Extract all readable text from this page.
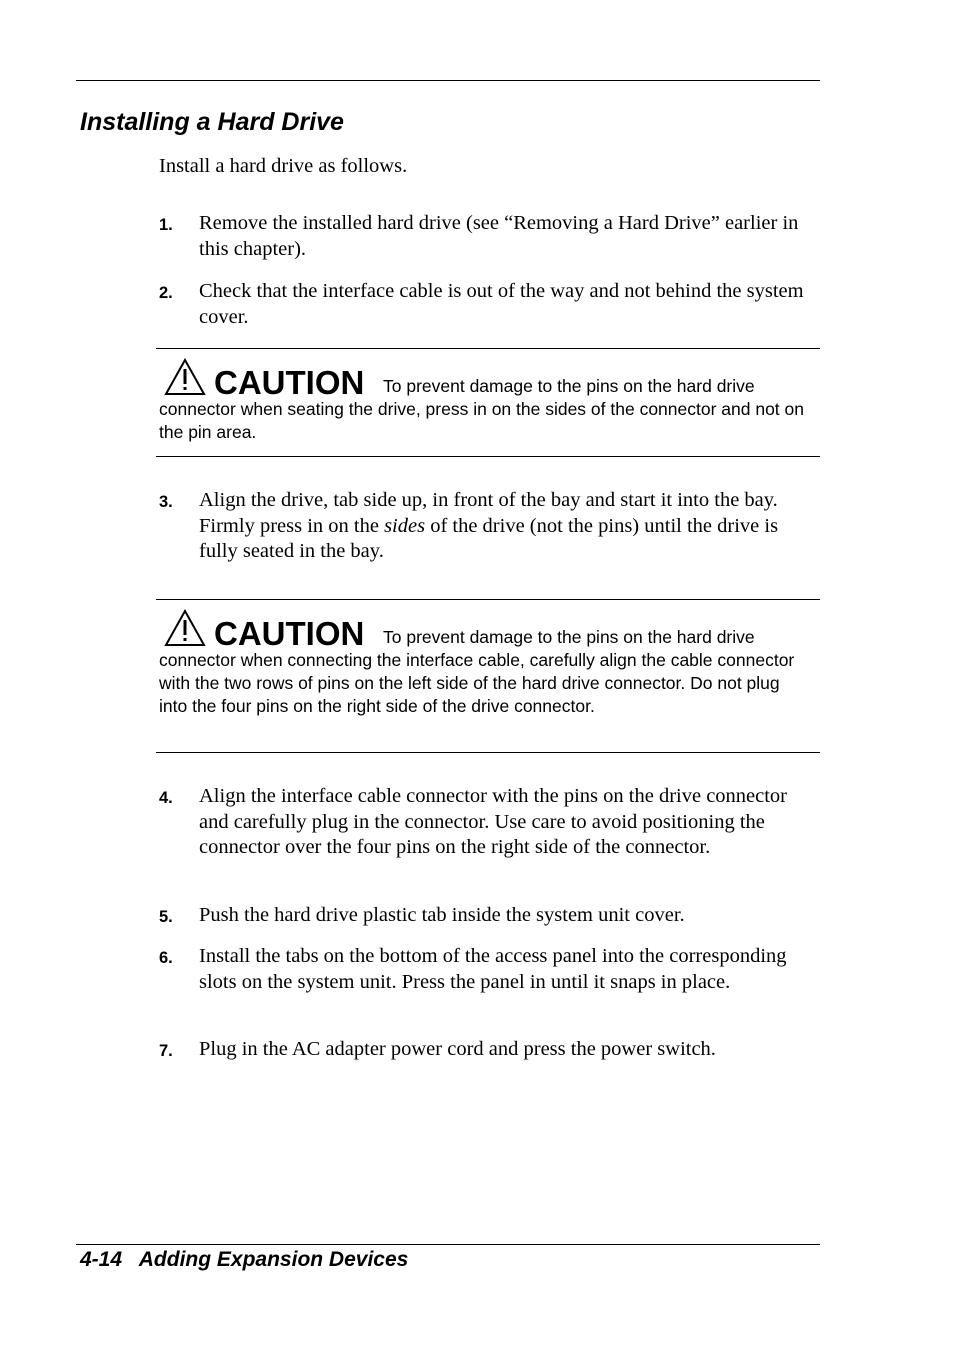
Installing a Hard Drive

Install a hard drive as follows.

1. Remove the installed hard drive (see “Removing a Hard Drive” earlier in this chapter).

2. Check that the interface cable is out of the way and not behind the system cover.

CAUTION	To prevent damage to the pins on the hard drive connector when seating the drive, press in on the sides of the connector and not on the pin area.

3. Align the drive, tab side up, in front of the bay and start it into the bay. Firmly press in on the sides of the drive (not the pins) until the drive is fully seated in the bay.

CAUTION	To prevent damage to the pins on the hard drive connector when connecting the interface cable, carefully align the cable connector with the two rows of pins on the left side of the hard drive connector. Do not plug into the four pins on the right side of the drive connector.

4. Align the interface cable connector with the pins on the drive connector and carefully plug in the connector. Use care to avoid positioning the connector over the four pins on the right side of the connector.

5. Push the hard drive plastic tab inside the system unit cover.

6. Install the tabs on the bottom of the access panel into the corresponding slots on the system unit. Press the panel in until it snaps in place.

7. Plug in the AC adapter power cord and press the power switch.

4-14 Adding Expansion Devices
